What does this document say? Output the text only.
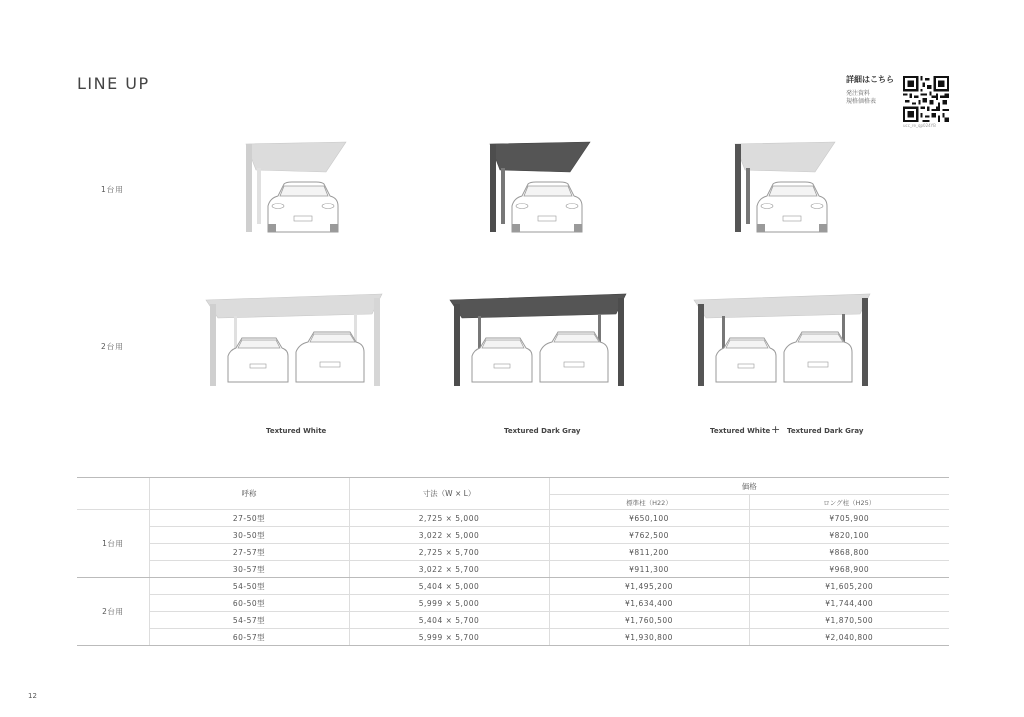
LINE UP	詳細はこちら
発注資料
規格価格表
ucc_re_qp024YB
1台用
2台用
Textured White	Textured Dark Gray	Textured White + Textured Dark Gray
	呼称	寸法（W × L）	価格	
			標準柱（H22）	ロング柱（H25）
1台用	27-50型	2,725 × 5,000	¥650,100	¥705,900
	30-50型	3,022 × 5,000	¥762,500	¥820,100
	27-57型	2,725 × 5,700	¥811,200	¥868,800
	30-57型	3,022 × 5,700	¥911,300	¥968,900
2台用	54-50型	5,404 × 5,000	¥1,495,200	¥1,605,200
	60-50型	5,999 × 5,000	¥1,634,400	¥1,744,400
	54-57型	5,404 × 5,700	¥1,760,500	¥1,870,500
	60-57型	5,999 × 5,700	¥1,930,800	¥2,040,800
12
